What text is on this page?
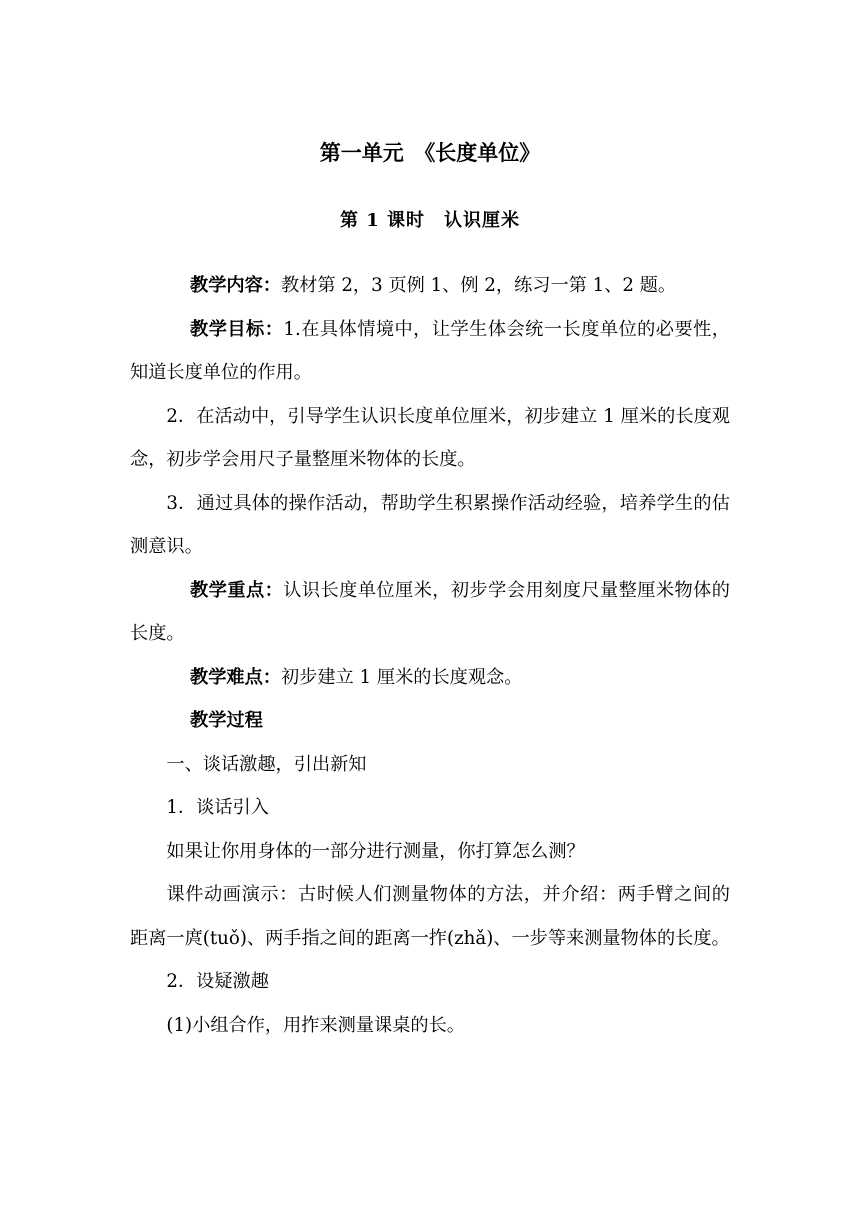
第一单元　《长度单位》
第 1 课时　认识厘米

教学内容：教材第 2，3 页例 1、例 2，练习一第 1、2 题。

教学目标：1.在具体情境中，让学生体会统一长度单位的必要性，知道长度单位的作用。

2．在活动中，引导学生认识长度单位厘米，初步建立 1 厘米的长度观念，初步学会用尺子量整厘米物体的长度。

3．通过具体的操作活动，帮助学生积累操作活动经验，培养学生的估测意识。

教学重点：认识长度单位厘米，初步学会用刻度尺量整厘米物体的长度。

教学难点：初步建立 1 厘米的长度观念。

教学过程

一、谈话激趣，引出新知

1．谈话引入

如果让你用身体的一部分进行测量，你打算怎么测？

课件动画演示：古时候人们测量物体的方法，并介绍：两手臂之间的距离一庹(tuǒ)、两手指之间的距离一拃(zhǎ)、一步等来测量物体的长度。

2．设疑激趣

(1)小组合作，用拃来测量课桌的长。
